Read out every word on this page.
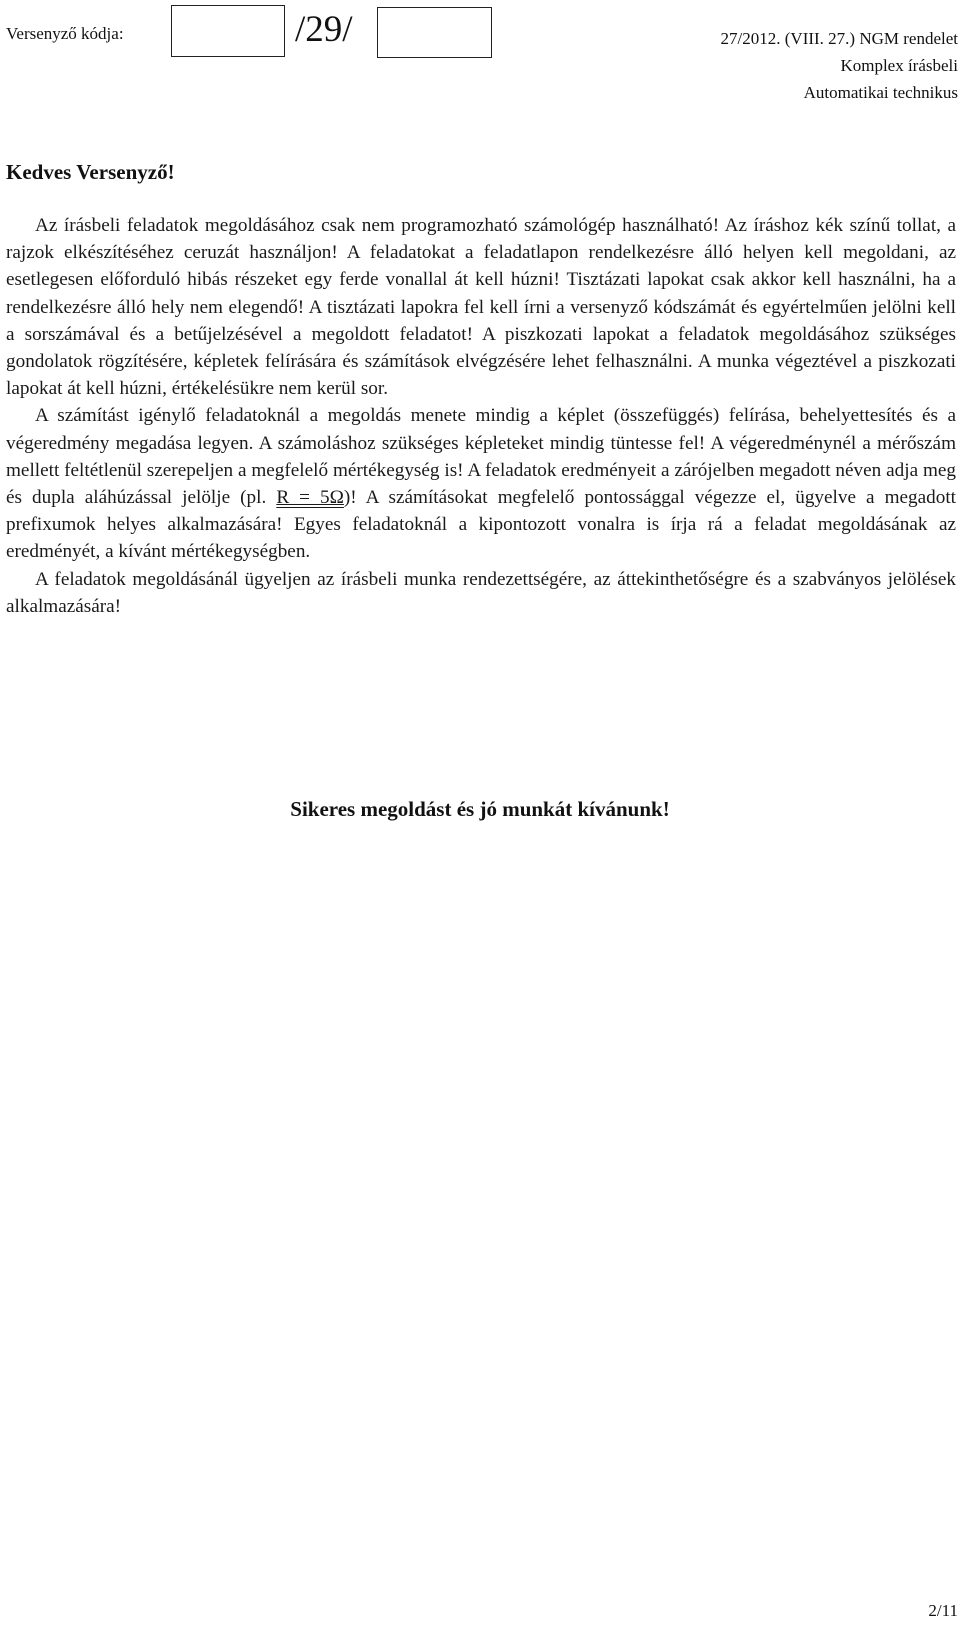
Versenyző kódja:	/29/	27/2012. (VIII. 27.) NGM rendelet
Komplex írásbeli
Automatikai technikus
Kedves Versenyző!

Az írásbeli feladatok megoldásához csak nem programozható számológép használható! Az íráshoz kék színű tollat, a rajzok elkészítéséhez ceruzát használjon! A feladatokat a feladatlapon rendelkezésre álló helyen kell megoldani, az esetlegesen előforduló hibás részeket egy ferde vonallal át kell húzni! Tisztázati lapokat csak akkor kell használni, ha a rendelkezésre álló hely nem elegendő! A tisztázati lapokra fel kell írni a versenyző kódszámát és egyértelműen jelölni kell a sorszámával és a betűjelzésével a megoldott feladatot! A piszkozati lapokat a feladatok megoldásához szükséges gondolatok rögzítésére, képletek felírására és számítások elvégzésére lehet felhasználni. A munka végeztével a piszkozati lapokat át kell húzni, értékelésükre nem kerül sor.

A számítást igénylő feladatoknál a megoldás menete mindig a képlet (összefüggés) felírása, behelyettesítés és a végeredmény megadása legyen. A számoláshoz szükséges képleteket mindig tüntesse fel! A végeredménynél a mérőszám mellett feltétlenül szerepeljen a megfelelő mértékegység is! A feladatok eredményeit a zárójelben megadott néven adja meg és dupla aláhúzással jelölje (pl. R = 5Ω)! A számításokat megfelelő pontossággal végezze el, ügyelve a megadott prefixumok helyes alkalmazására! Egyes feladatoknál a kipontozott vonalra is írja rá a feladat megoldásának az eredményét, a kívánt mértékegységben.

A feladatok megoldásánál ügyeljen az írásbeli munka rendezettségére, az áttekinthetőségre és a szabványos jelölések alkalmazására!

Sikeres megoldást és jó munkát kívánunk!
2/11
